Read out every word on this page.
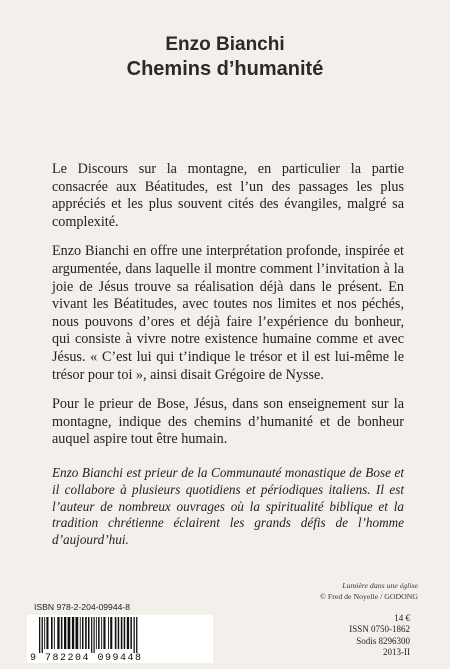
Enzo Bianchi
Chemins d’humanité

Le Discours sur la montagne, en particulier la partie consacrée aux Béatitudes, est l’un des passages les plus appréciés et les plus souvent cités des évangiles, malgré sa complexité.

Enzo Bianchi en offre une interprétation profonde, inspirée et argumentée, dans laquelle il montre comment l’invitation à la joie de Jésus trouve sa réalisation déjà dans le présent. En vivant les Béatitudes, avec toutes nos limites et nos péchés, nous pouvons d’ores et déjà faire l’expérience du bonheur, qui consiste à vivre notre existence humaine comme et avec Jésus. « C’est lui qui t’indique le trésor et il est lui-même le trésor pour toi », ainsi disait Grégoire de Nysse.

Pour le prieur de Bose, Jésus, dans son enseignement sur la montagne, indique des chemins d’humanité et de bonheur auquel aspire tout être humain.

Enzo Bianchi est prieur de la Communauté monastique de Bose et il collabore à plusieurs quotidiens et périodiques italiens. Il est l’auteur de nombreux ouvrages où la spiritualité biblique et la tradition chrétienne éclairent les grands défis de l’homme d’aujourd’hui.

Lumière dans une église
© Fred de Noyelle / GODONG
ISBN 978-2-204-09944-8
9 782204 099448
14 €
ISSN 0750-1862
Sodis 8296300
2013-II
